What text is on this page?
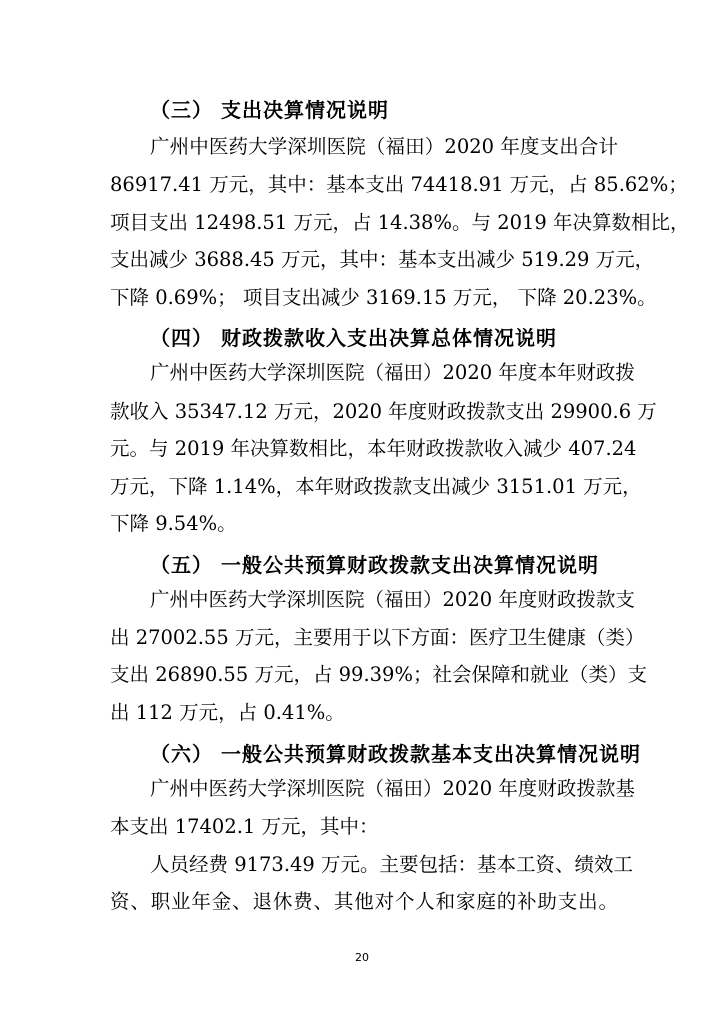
（三） 支出决算情况说明
广州中医药大学深圳医院（福田）2020 年度支出合计
86917.41 万元，其中：基本支出 74418.91 万元，占 85.62%；
项目支出 12498.51 万元，占 14.38%。与 2019 年决算数相比，
支出减少 3688.45 万元，其中：基本支出减少 519.29 万元，
下降 0.69%； 项目支出减少 3169.15 万元， 下降 20.23%。
（四） 财政拨款收入支出决算总体情况说明
广州中医药大学深圳医院（福田）2020 年度本年财政拨
款收入 35347.12 万元，2020 年度财政拨款支出 29900.6 万
元。与 2019 年决算数相比，本年财政拨款收入减少 407.24
万元，下降 1.14%，本年财政拨款支出减少 3151.01 万元，
下降 9.54%。
（五） 一般公共预算财政拨款支出决算情况说明
广州中医药大学深圳医院（福田）2020 年度财政拨款支
出 27002.55 万元，主要用于以下方面：医疗卫生健康（类）
支出 26890.55 万元，占 99.39%；社会保障和就业（类）支
出 112 万元，占 0.41%。
（六） 一般公共预算财政拨款基本支出决算情况说明
广州中医药大学深圳医院（福田）2020 年度财政拨款基
本支出 17402.1 万元，其中：
人员经费 9173.49 万元。主要包括：基本工资、绩效工
资、职业年金、退休费、其他对个人和家庭的补助支出。
20
